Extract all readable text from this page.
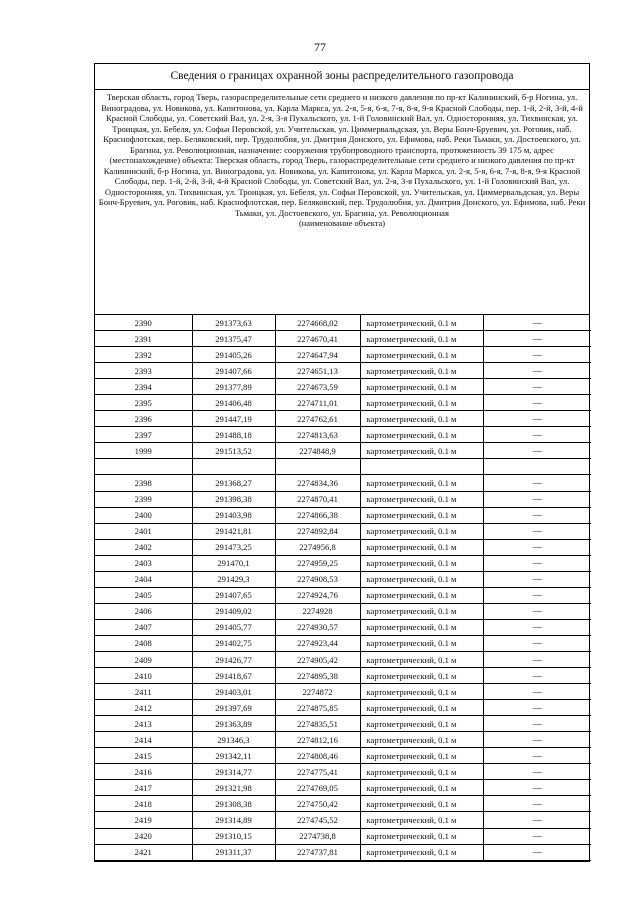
77
Сведения о границах охранной зоны распределительного газопровода

Тверская область, город Тверь, газораспределительные сети среднего и низкого давления по пр-кт Калининский, б-р Ногина, ул. Виноградова, ул. Новикова, ул. Капитонова, ул. Карла Маркса, ул. 2-я, 5-я, 6-я, 7-я, 8-я, 9-я Красной Слободы, пер. 1-й, 2-й, 3-й, 4-й Красной Слободы, ул. Советский Вал, ул. 2-я, 3-я Пухальского, ул. 1-й Головинский Вал, ул. Односторонняя, ул. Тихвинская, ул. Троицкая, ул. Бебеля, ул. Софьи Перовской, ул. Учительская, ул. Циммервальдская, ул. Веры Бонч-Бруевич, ул. Роговик, наб. Краснофлотская, пер. Беляковский, пер. Трудолюбия, ул. Дмитрия Донского, ул. Ефимова, наб. Реки Тьмаки, ул. Достоевского, ул. Брагина, ул. Революционная, назначение: сооружения трубопроводного транспорта, протяженность 39 175 м, адрес (местонахождение) объекта: Тверская область, город Тверь, газораспределительные сети среднего и низкого давления по пр-кт Калининский, б-р Ногина, ул. Виноградова, ул. Новикова, ул. Капитонова, ул. Карла Маркса, ул. 2-я, 5-я, 6-я, 7-я, 8-я, 9-я Красной Слободы, пер. 1-й, 2-й, 3-й, 4-й Красной Слободы, ул. Советский Вал, ул. 2-я, 3-я Пухальского, ул. 1-й Головинский Вал, ул. Односторонняя, ул. Тихвинская, ул. Троицкая, ул. Бебеля, ул. Софьи Перовской, ул. Учительская, ул. Циммервальдская, ул. Веры Бонч-Бруевич, ул. Роговик, наб. Краснофлотская, пер. Беляковский, пер. Трудолюбия, ул. Дмитрия Донского, ул. Ефимова, наб. Реки Тьмаки, ул. Достоевского, ул. Брагина, ул. Революционная

(наименование объекта)

2390	291373,63	2274668,02	картометрический, 0.1 м	—
2391	291375,47	2274670,41	картометрический, 0.1 м	—
2392	291405,26	2274647,94	картометрический, 0.1 м	—
2393	291407,66	2274651,13	картометрический, 0.1 м	—
2394	291377,89	2274673,59	картометрический, 0.1 м	—
2395	291406,48	2274711,01	картометрический, 0.1 м	—
2396	291447,19	2274762,61	картометрический, 0.1 м	—
2397	291488,18	2274813,63	картометрический, 0.1 м	—
1999	291513,52	2274848,9	картометрический, 0.1 м	—

2398	291368,27	2274834,36	картометрический, 0.1 м	—
2399	291398,38	2274870,41	картометрический, 0.1 м	—
2400	291403,98	2274866,38	картометрический, 0.1 м	—
2401	291421,81	2274892,84	картометрический, 0.1 м	—
2402	291473,25	2274956,8	картометрический, 0.1 м	—
2403	291470,1	2274959,25	картометрический, 0.1 м	—
2404	291429,3	2274908,53	картометрический, 0.1 м	—
2405	291407,65	2274924,76	картометрический, 0.1 м	—
2406	291409,02	2274928	картометрический, 0.1 м	—
2407	291405,77	2274930,57	картометрический, 0.1 м	—
2408	291402,75	2274923,44	картометрический, 0.1 м	—
2409	291426,77	2274905,42	картометрический, 0.1 м	—
2410	291418,67	2274895,38	картометрический, 0.1 м	—
2411	291403,01	2274872	картометрический, 0.1 м	—
2412	291397,69	2274875,85	картометрический, 0.1 м	—
2413	291363,89	2274835,51	картометрический, 0.1 м	—
2414	291346,3	2274812,16	картометрический, 0.1 м	—
2415	291342,11	2274808,46	картометрический, 0.1 м	—
2416	291314,77	2274775,41	картометрический, 0.1 м	—
2417	291321,98	2274769,05	картометрический, 0.1 м	—
2418	291308,38	2274750,42	картометрический, 0.1 м	—
2419	291314,89	2274745,52	картометрический, 0.1 м	—
2420	291310,15	2274738,8	картометрический, 0.1 м	—
2421	291311,37	2274737,81	картометрический, 0.1 м	—
